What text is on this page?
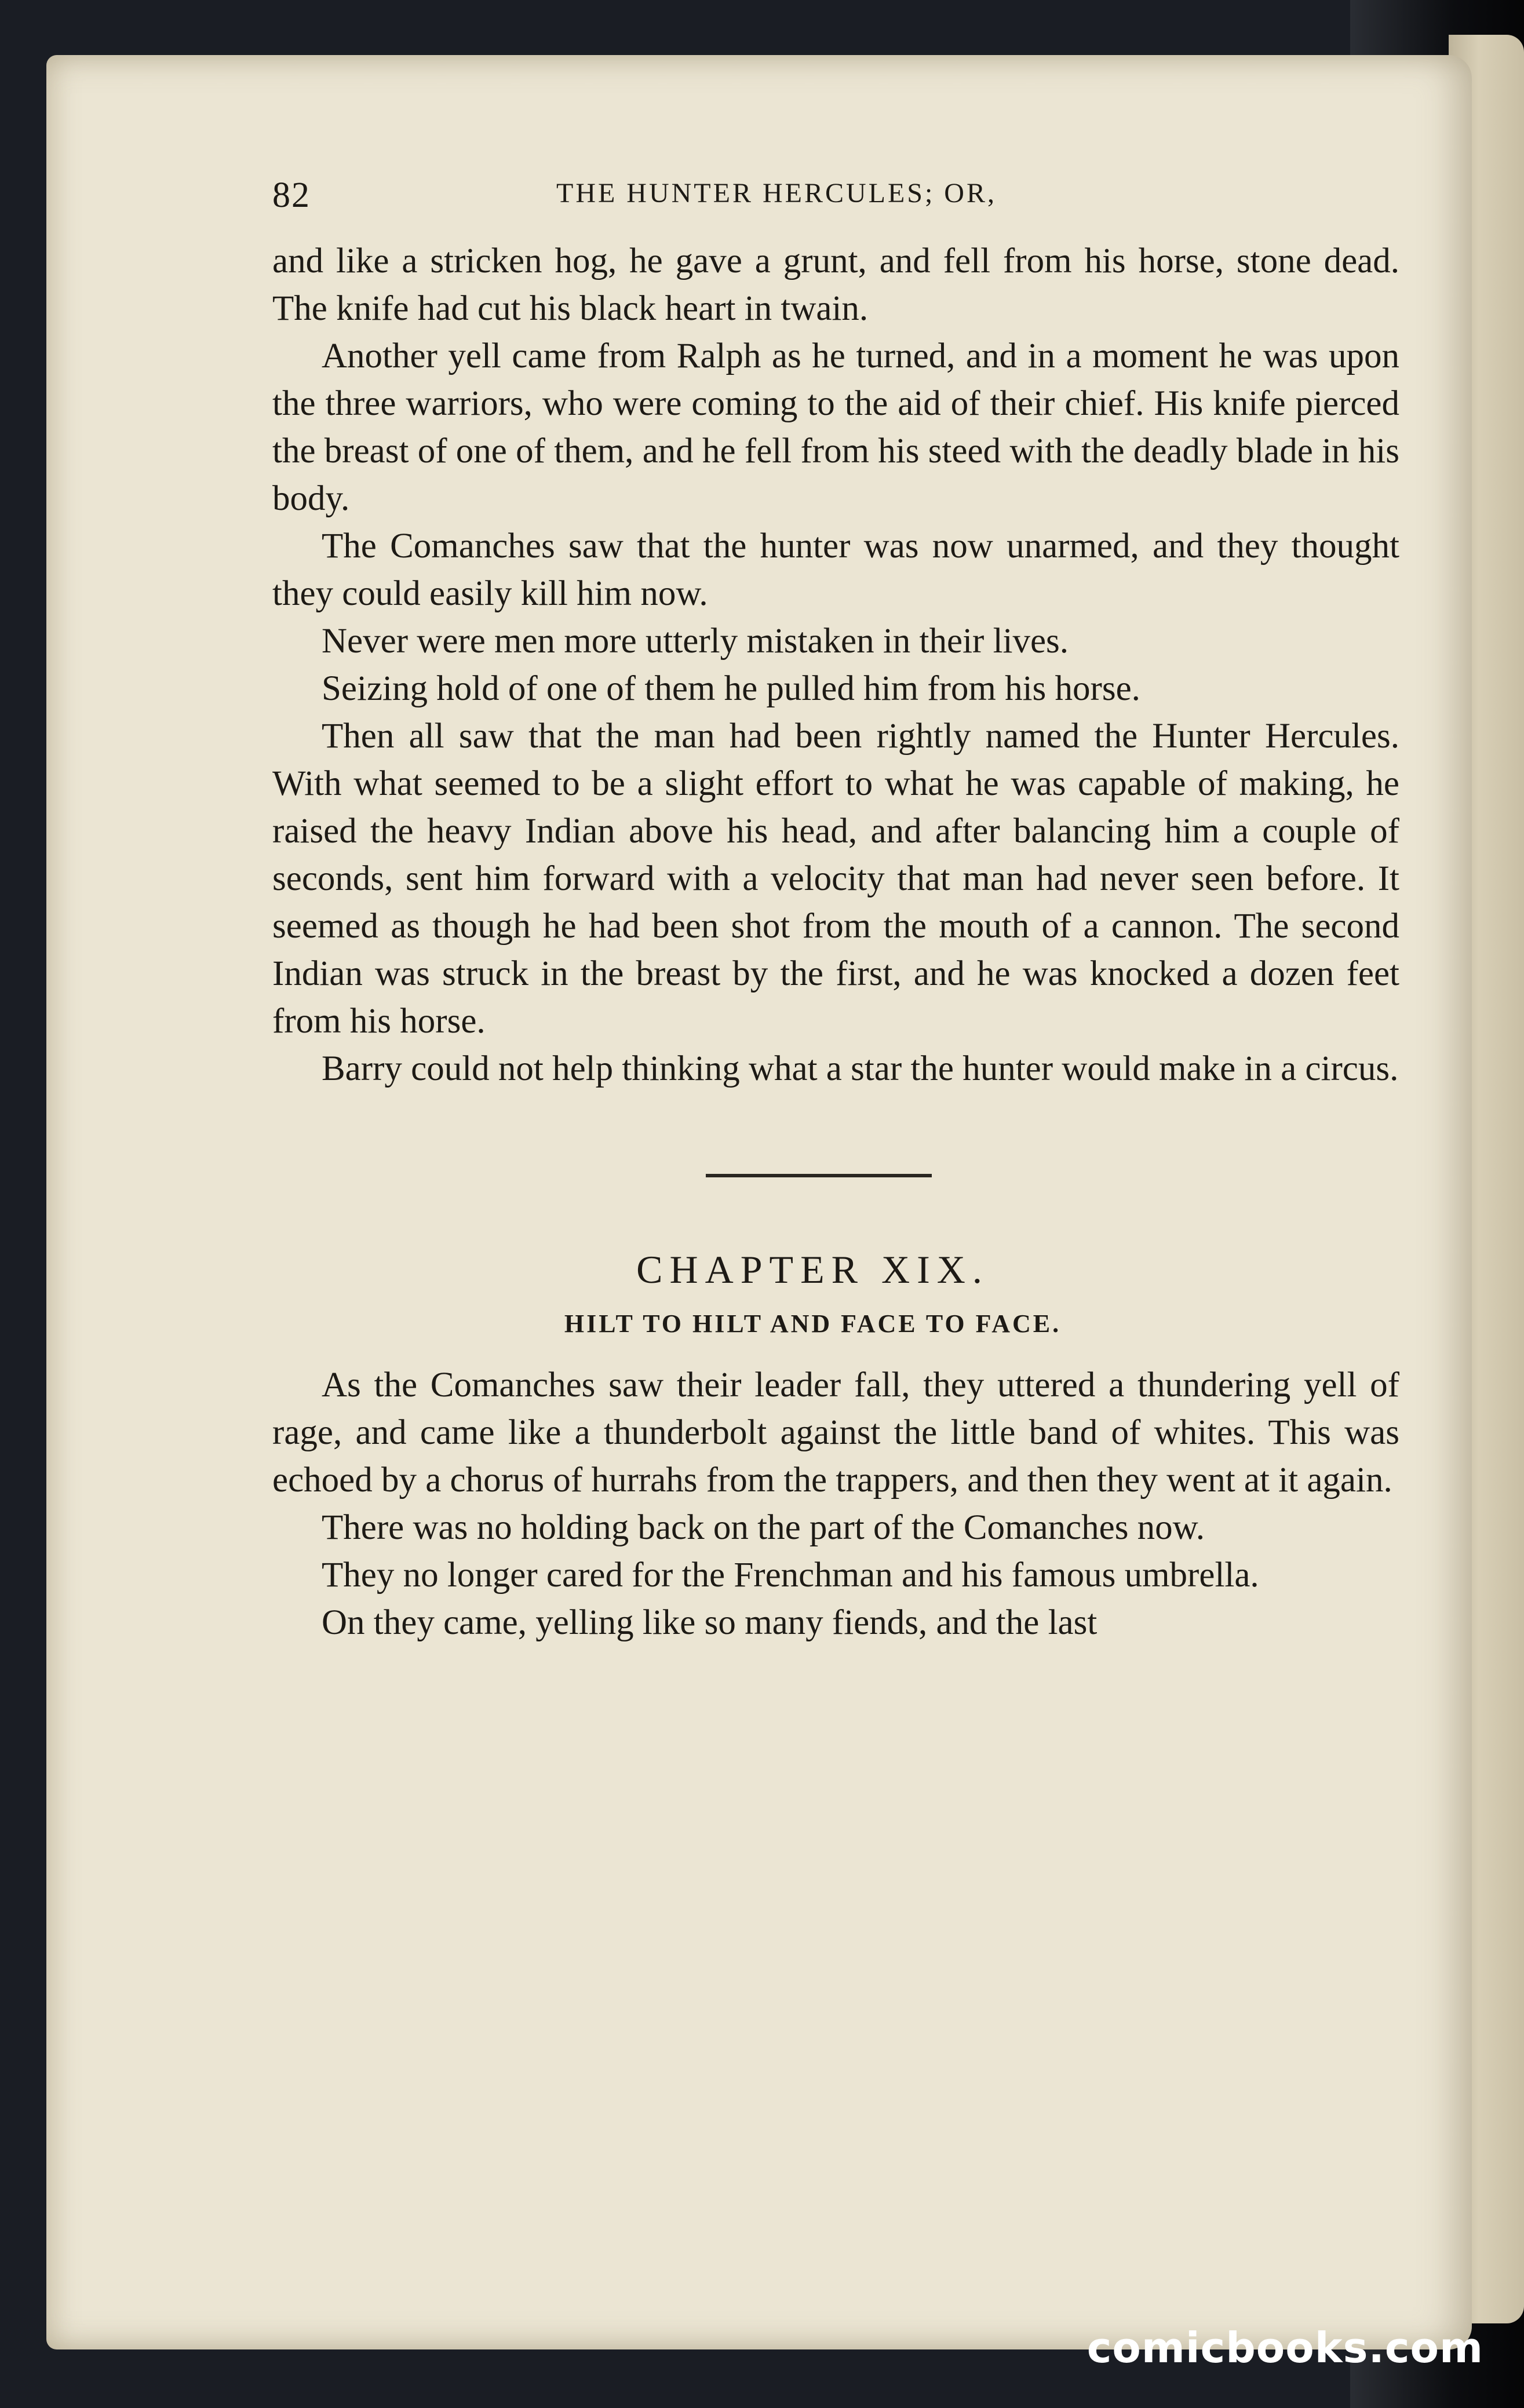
82	THE HUNTER HERCULES; OR,

and like a stricken hog, he gave a grunt, and fell from his horse, stone dead. The knife had cut his black heart in twain.

Another yell came from Ralph as he turned, and in a moment he was upon the three warriors, who were coming to the aid of their chief. His knife pierced the breast of one of them, and he fell from his steed with the deadly blade in his body.

The Comanches saw that the hunter was now unarmed, and they thought they could easily kill him now.

Never were men more utterly mistaken in their lives.

Seizing hold of one of them he pulled him from his horse.

Then all saw that the man had been rightly named the Hunter Hercules. With what seemed to be a slight effort to what he was capable of making, he raised the heavy Indian above his head, and after balancing him a couple of seconds, sent him forward with a velocity that man had never seen before. It seemed as though he had been shot from the mouth of a cannon. The second Indian was struck in the breast by the first, and he was knocked a dozen feet from his horse.

Barry could not help thinking what a star the hunter would make in a circus.

CHAPTER XIX.
HILT TO HILT AND FACE TO FACE.

As the Comanches saw their leader fall, they uttered a thundering yell of rage, and came like a thunderbolt against the little band of whites. This was echoed by a chorus of hurrahs from the trappers, and then they went at it again.

There was no holding back on the part of the Comanches now.

They no longer cared for the Frenchman and his famous umbrella.

On they came, yelling like so many fiends, and the last

comicbooks.com
